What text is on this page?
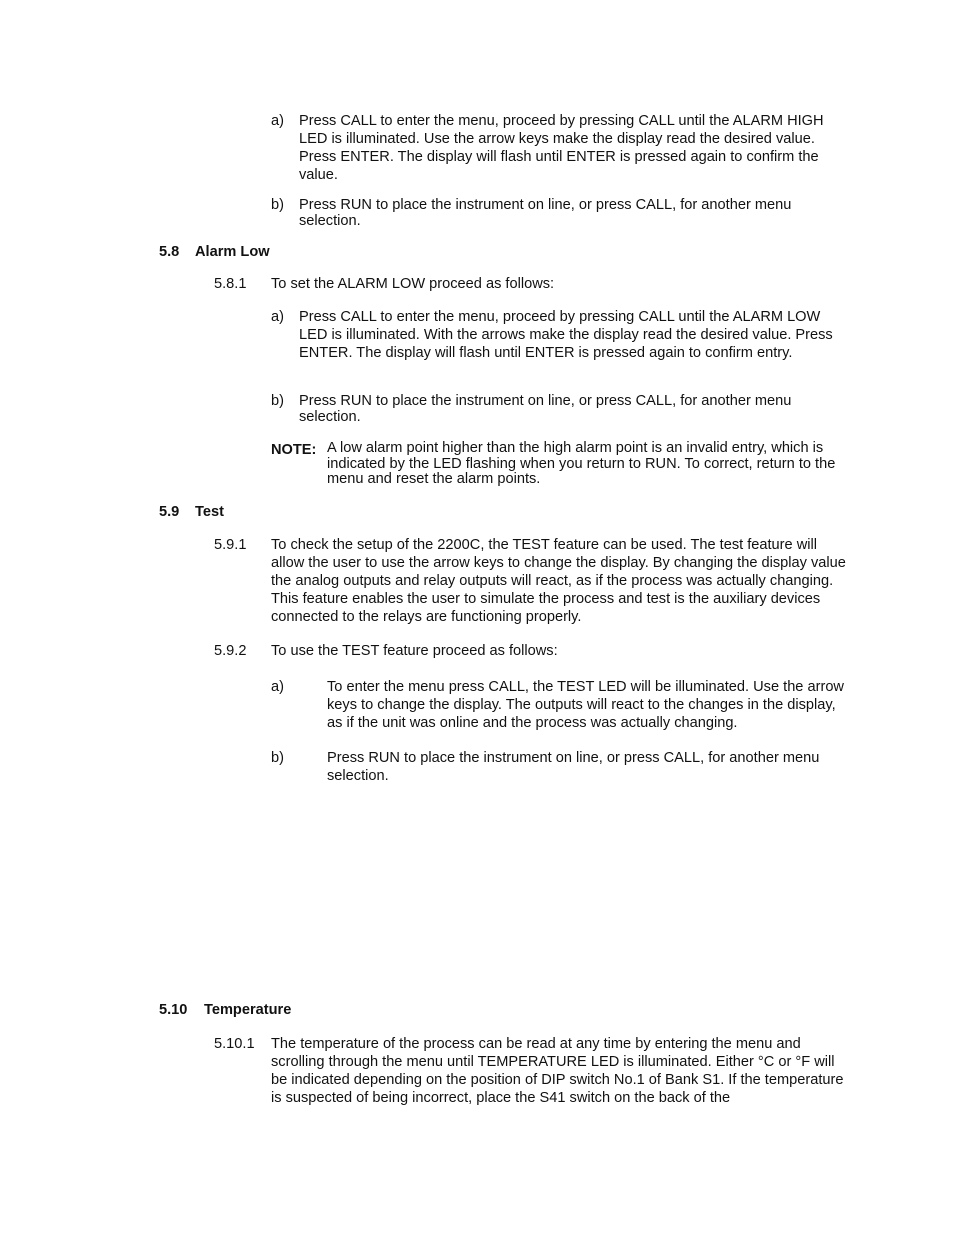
a)	Press CALL to enter the menu, proceed by pressing CALL until the ALARM HIGH LED is illuminated. Use the arrow keys make the display read the desired value. Press ENTER. The display will flash until ENTER is pressed again to confirm the value.
b)	Press RUN to place the instrument on line, or press CALL, for another menu selection.
5.8	Alarm Low
5.8.1	To set the ALARM LOW proceed as follows:
a)	Press CALL to enter the menu, proceed by pressing CALL until the ALARM LOW LED is illuminated. With the arrows make the display read the desired value. Press ENTER. The display will flash until ENTER is pressed again to confirm entry.
b)	Press RUN to place the instrument on line, or press CALL, for another menu selection.
NOTE: A low alarm point higher than the high alarm point is an invalid entry, which is indicated by the LED flashing when you return to RUN. To correct, return to the menu and reset the alarm points.
5.9	Test
5.9.1	To check the setup of the 2200C, the TEST feature can be used. The test feature will allow the user to use the arrow keys to change the display. By changing the display value the analog outputs and relay outputs will react, as if the process was actually changing. This feature enables the user to simulate the process and test is the auxiliary devices connected to the relays are functioning properly.
5.9.2	To use the TEST feature proceed as follows:
a)	To enter the menu press CALL, the TEST LED will be illuminated. Use the arrow keys to change the display. The outputs will react to the changes in the display, as if the unit was online and the process was actually changing.
b)	Press RUN to place the instrument on line, or press CALL, for another menu selection.
5.10	Temperature
5.10.1	The temperature of the process can be read at any time by entering the menu and scrolling through the menu until TEMPERATURE LED is illuminated. Either °C or °F will be indicated depending on the position of DIP switch No.1 of Bank S1. If the temperature is suspected of being incorrect, place the S41 switch on the back of the
